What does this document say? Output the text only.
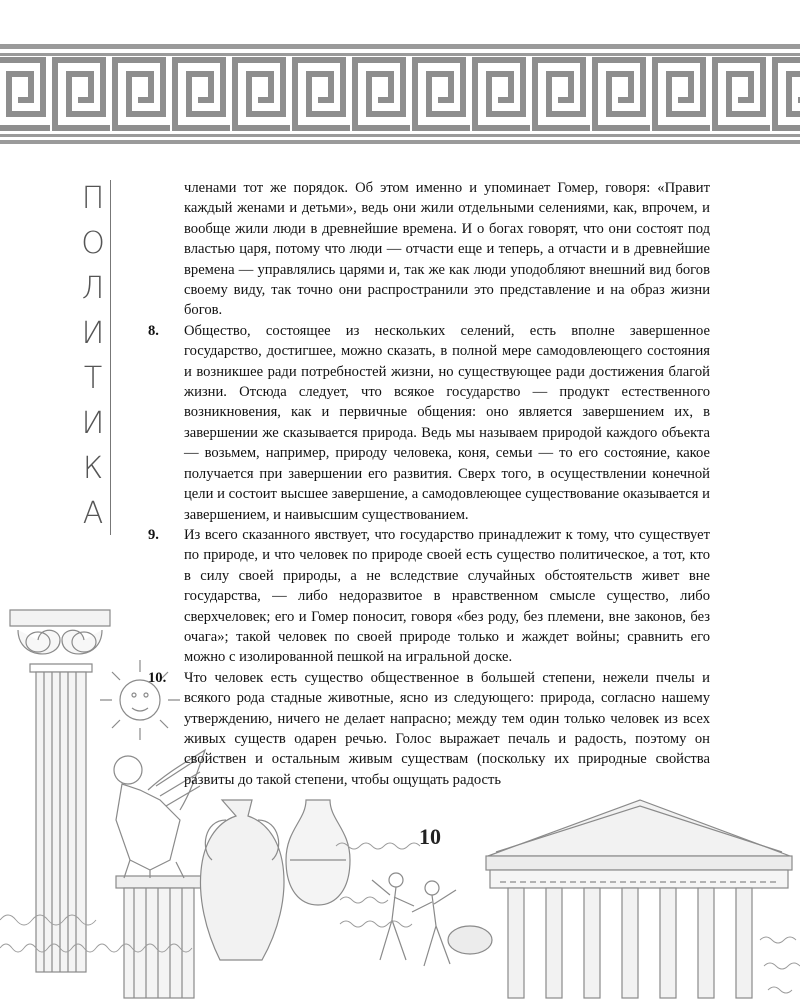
П
О
Л
И
Т
И
К
А
членами тот же порядок. Об этом именно и упоминает Гомер, говоря: «Правит каждый женами и детьми», ведь они жили отдельными селениями, как, впрочем, и вообще жили люди в древнейшие времена. И о богах говорят, что они состоят под властью царя, потому что люди — отчасти еще и теперь, а отчасти и в древнейшие времена — управлялись царями и, так же как люди уподобляют внешний вид богов своему виду, так точно они распространили это представление и на образ жизни богов.
8. Общество, состоящее из нескольких селений, есть вполне завершенное государство, достигшее, можно сказать, в полной мере самодовлеющего состояния и возникшее ради потребностей жизни, но существующее ради достижения благой жизни. Отсюда следует, что всякое государство — продукт естественного возникновения, как и первичные общения: оно является завершением их, в завершении же сказывается природа. Ведь мы называем природой каждого объекта — возьмем, например, природу человека, коня, семьи — то его состояние, какое получается при завершении его развития. Сверх того, в осуществлении конечной цели и состоит высшее завершение, а самодовлеющее существование оказывается и завершением, и наивысшим существованием.
9. Из всего сказанного явствует, что государство принадлежит к тому, что существует по природе, и что человек по природе своей есть существо политическое, а тот, кто в силу своей природы, а не вследствие случайных обстоятельств живет вне государства, — либо недоразвитое в нравственном смысле существо, либо сверхчеловек; его и Гомер поносит, говоря «без роду, без племени, вне законов, без очага»; такой человек по своей природе только и жаждет войны; сравнить его можно с изолированной пешкой на игральной доске.
10. Что человек есть существо общественное в большей степени, нежели пчелы и всякого рода стадные животные, ясно из следующего: природа, согласно нашему утверждению, ничего не делает напрасно; между тем один только человек из всех живых существ одарен речью. Голос выражает печаль и радость, поэтому он свойствен и остальным живым существам (поскольку их природные свойства развиты до такой степени, чтобы ощущать радость
10
